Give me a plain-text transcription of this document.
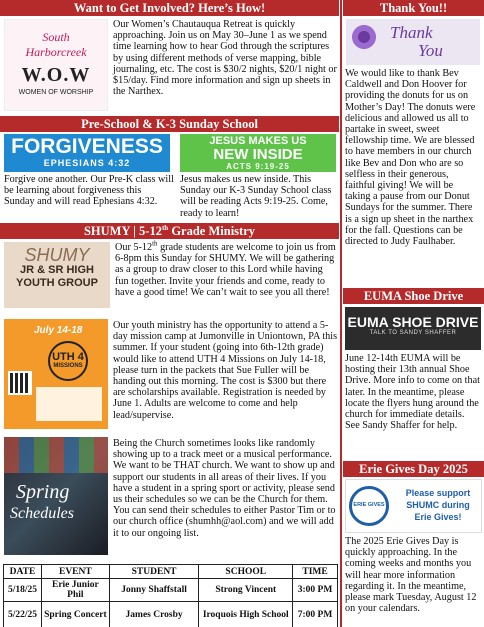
Want to Get Involved? Here’s How!
South
Harborcreek
W.O.W
WOMEN OF WORSHIP
Our Women’s Chautauqua Retreat is quickly approaching. Join us on May 30–June 1 as we spend time learning how to hear God through the scriptures by using different methods of verse mapping, bible journaling, etc. The cost is $30/2 nights, $20/1 night or $15/day. Find more information and sign up sheets in the Narthex.
Pre-School & K-3 Sunday School
FORGIVENESS
EPHESIANS 4:32
Forgive one another. Our Pre-K class will be learning about forgiveness this Sunday and will read Ephesians 4:32.
JESUS MAKES US
NEW INSIDE
ACTS 9:19-25
Jesus makes us new inside. This Sunday our K-3 Sunday School class will be reading Acts 9:19-25. Come, ready to learn!
SHUMY | 5-12th Grade Ministry
SHUMY
JR & SR HIGH
YOUTH GROUP
Our 5-12th grade students are welcome to join us from 6-8pm this Sunday for SHUMY. We will be gathering as a group to draw closer to this Lord while having fun together. Invite your friends and come, ready to have a good time! We can’t wait to see you all there!
July 14-18
UTH 4
MISSIONS
Our youth ministry has the opportunity to attend a 5-day mission camp at Jumonville in Uniontown, PA this summer. If your student (going into 6th-12th grade) would like to attend UTH 4 Missions on July 14-18, please turn in the packets that Sue Fuller will be handing out this morning. The cost is $300 but there are scholarships available. Registration is needed by June 1. Adults are welcome to come and help lead/supervise.
Spring
Schedules
Being the Church sometimes looks like randomly showing up to a track meet or a musical performance. We want to be THAT church. We want to show up and support our students in all areas of their lives. If you have a student in a spring sport or activity, please send us their schedules so we can be the Church for them. You can send their schedules to either Pastor Tim or to our church office (shumhh@aol.com) and we will add it to our ongoing list.
DATE	EVENT	STUDENT	SCHOOL	TIME
5/18/25	Erie Junior Phil	Jonny Shaffstall	Strong Vincent	3:00 PM
5/22/25	Spring Concert	James Crosby	Iroquois High School	7:00 PM
Thank You!!
Thank
You
We would like to thank Bev Caldwell and Don Hoover for providing the donuts for us on Mother’s Day! The donuts were delicious and allowed us all to partake in sweet, sweet fellowship time. We are blessed to have members in our church like Bev and Don who are so selfless in their generous, faithful giving! We will be taking a pause from our Donut Sundays for the summer. There is a sign up sheet in the narthex for the fall. Questions can be directed to Judy Faulhaber.
EUMA Shoe Drive
EUMA SHOE DRIVE
TALK TO SANDY SHAFFER
June 12-14th EUMA will be hosting their 13th annual Shoe Drive. More info to come on that later. In the meantime, please locate the flyers hung around the church for immediate details. See Sandy Shaffer for help.
Erie Gives Day 2025
ERIE GIVES
Please support
SHUMC during
Erie Gives!
The 2025 Erie Gives Day is quickly approaching. In the coming weeks and months you will hear more information regarding it. In the meantime, please mark Tuesday, August 12 on your calendars.
